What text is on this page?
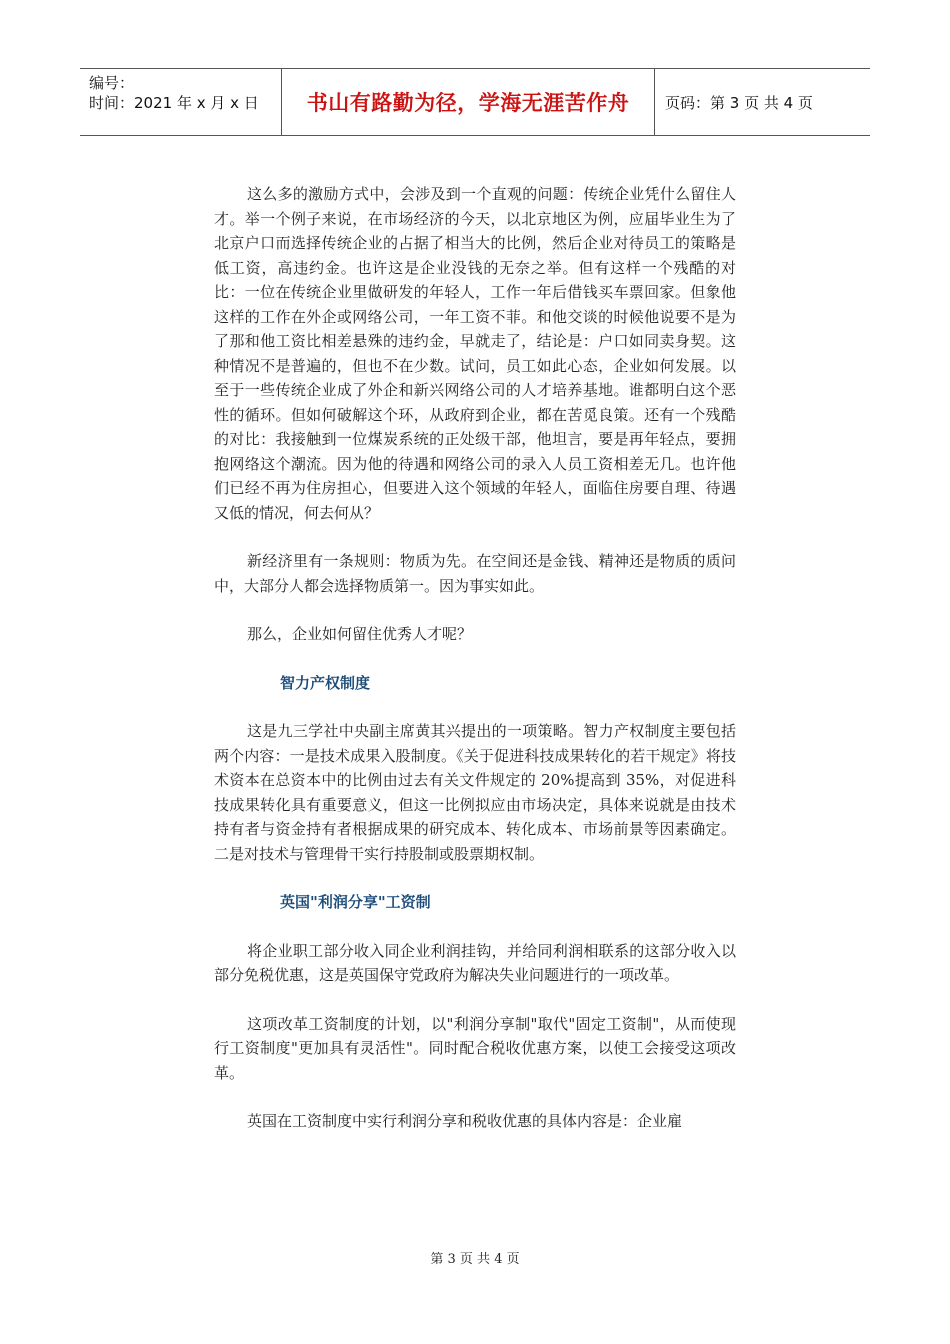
编号：
时间：2021 年 x 月 x 日	书山有路勤为径，学海无涯苦作舟	页码：第 3 页 共 4 页

这么多的激励方式中，会涉及到一个直观的问题：传统企业凭什么留住人才。举一个例子来说，在市场经济的今天，以北京地区为例，应届毕业生为了北京户口而选择传统企业的占据了相当大的比例，然后企业对待员工的策略是低工资，高违约金。也许这是企业没钱的无奈之举。但有这样一个残酷的对比：一位在传统企业里做研发的年轻人，工作一年后借钱买车票回家。但象他这样的工作在外企或网络公司，一年工资不菲。和他交谈的时候他说要不是为了那和他工资比相差悬殊的违约金，早就走了，结论是：户口如同卖身契。这种情况不是普遍的，但也不在少数。试问，员工如此心态，企业如何发展。以至于一些传统企业成了外企和新兴网络公司的人才培养基地。谁都明白这个恶性的循环。但如何破解这个环，从政府到企业，都在苦觅良策。还有一个残酷的对比：我接触到一位煤炭系统的正处级干部，他坦言，要是再年轻点，要拥抱网络这个潮流。因为他的待遇和网络公司的录入人员工资相差无几。也许他们已经不再为住房担心，但要进入这个领域的年轻人，面临住房要自理、待遇又低的情况，何去何从？

新经济里有一条规则：物质为先。在空间还是金钱、精神还是物质的质问中，大部分人都会选择物质第一。因为事实如此。

那么，企业如何留住优秀人才呢？

智力产权制度

这是九三学社中央副主席黄其兴提出的一项策略。智力产权制度主要包括两个内容：一是技术成果入股制度。《关于促进科技成果转化的若干规定》将技术资本在总资本中的比例由过去有关文件规定的 20%提高到 35%，对促进科技成果转化具有重要意义，但这一比例拟应由市场决定，具体来说就是由技术持有者与资金持有者根据成果的研究成本、转化成本、市场前景等因素确定。二是对技术与管理骨干实行持股制或股票期权制。

英国"利润分享"工资制

将企业职工部分收入同企业利润挂钩，并给同利润相联系的这部分收入以部分免税优惠，这是英国保守党政府为解决失业问题进行的一项改革。

这项改革工资制度的计划，以"利润分享制"取代"固定工资制"，从而使现行工资制度"更加具有灵活性"。同时配合税收优惠方案，以使工会接受这项改革。

英国在工资制度中实行利润分享和税收优惠的具体内容是：企业雇

第 3 页 共 4 页
